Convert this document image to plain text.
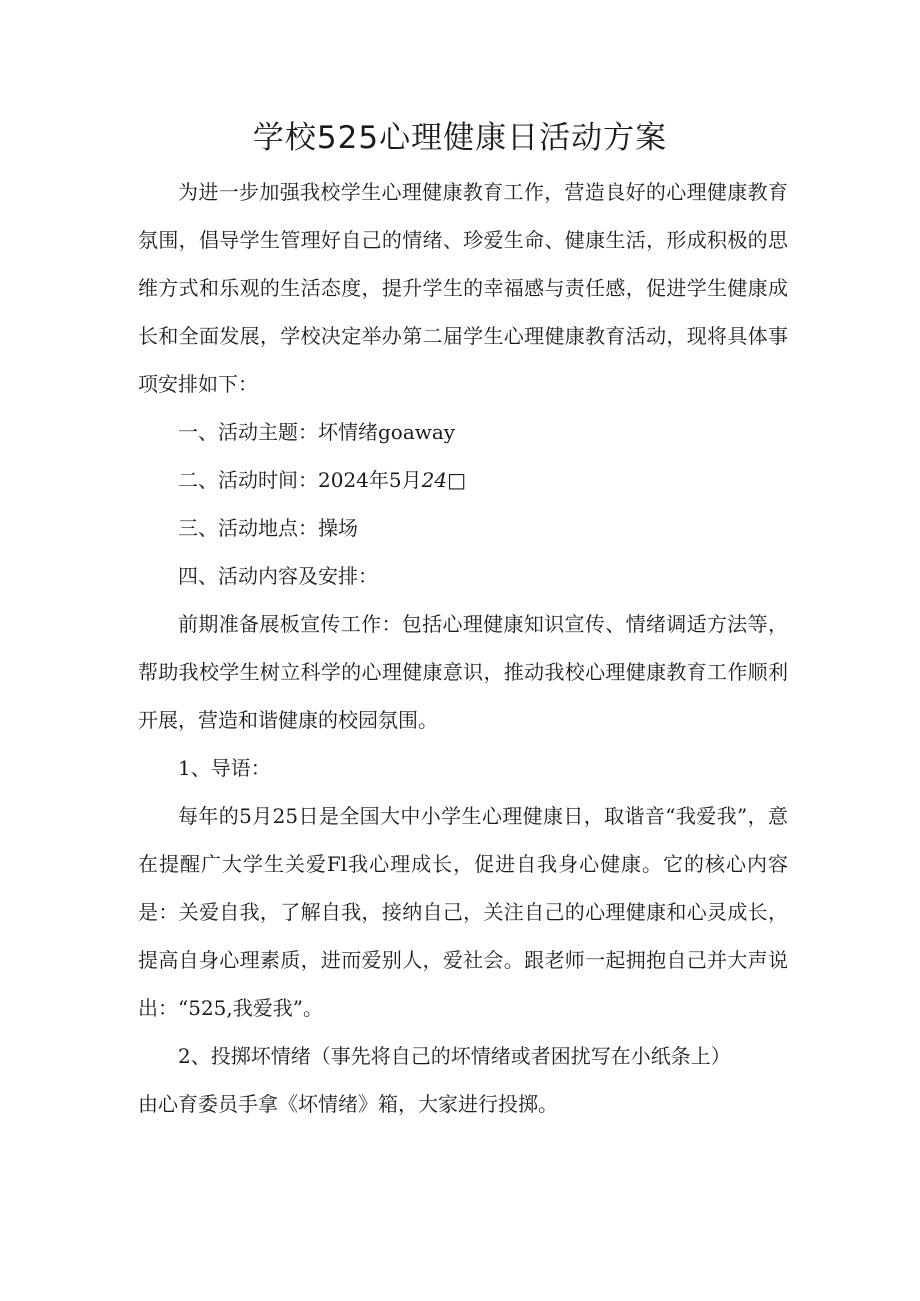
学校525心理健康日活动方案

为进一步加强我校学生心理健康教育工作，营造良好的心理健康教育氛围，倡导学生管理好自己的情绪、珍爱生命、健康生活，形成积极的思维方式和乐观的生活态度，提升学生的幸福感与责任感，促进学生健康成长和全面发展，学校决定举办第二届学生心理健康教育活动，现将具体事项安排如下：

一、活动主题：坏情绪goaway

二、活动时间：2024年5月24□

三、活动地点：操场

四、活动内容及安排：

前期准备展板宣传工作：包括心理健康知识宣传、情绪调适方法等，帮助我校学生树立科学的心理健康意识，推动我校心理健康教育工作顺利开展，营造和谐健康的校园氛围。

1、导语：

每年的5月25日是全国大中小学生心理健康日，取谐音“我爱我”，意在提醒广大学生关爱Fl我心理成长，促进自我身心健康。它的核心内容是：关爱自我，了解自我，接纳自己，关注自己的心理健康和心灵成长，提高自身心理素质，进而爱别人，爱社会。跟老师一起拥抱自己并大声说出：“525,我爱我”。

2、投掷坏情绪（事先将自己的坏情绪或者困扰写在小纸条上）

由心育委员手拿《坏情绪》箱，大家进行投掷。
